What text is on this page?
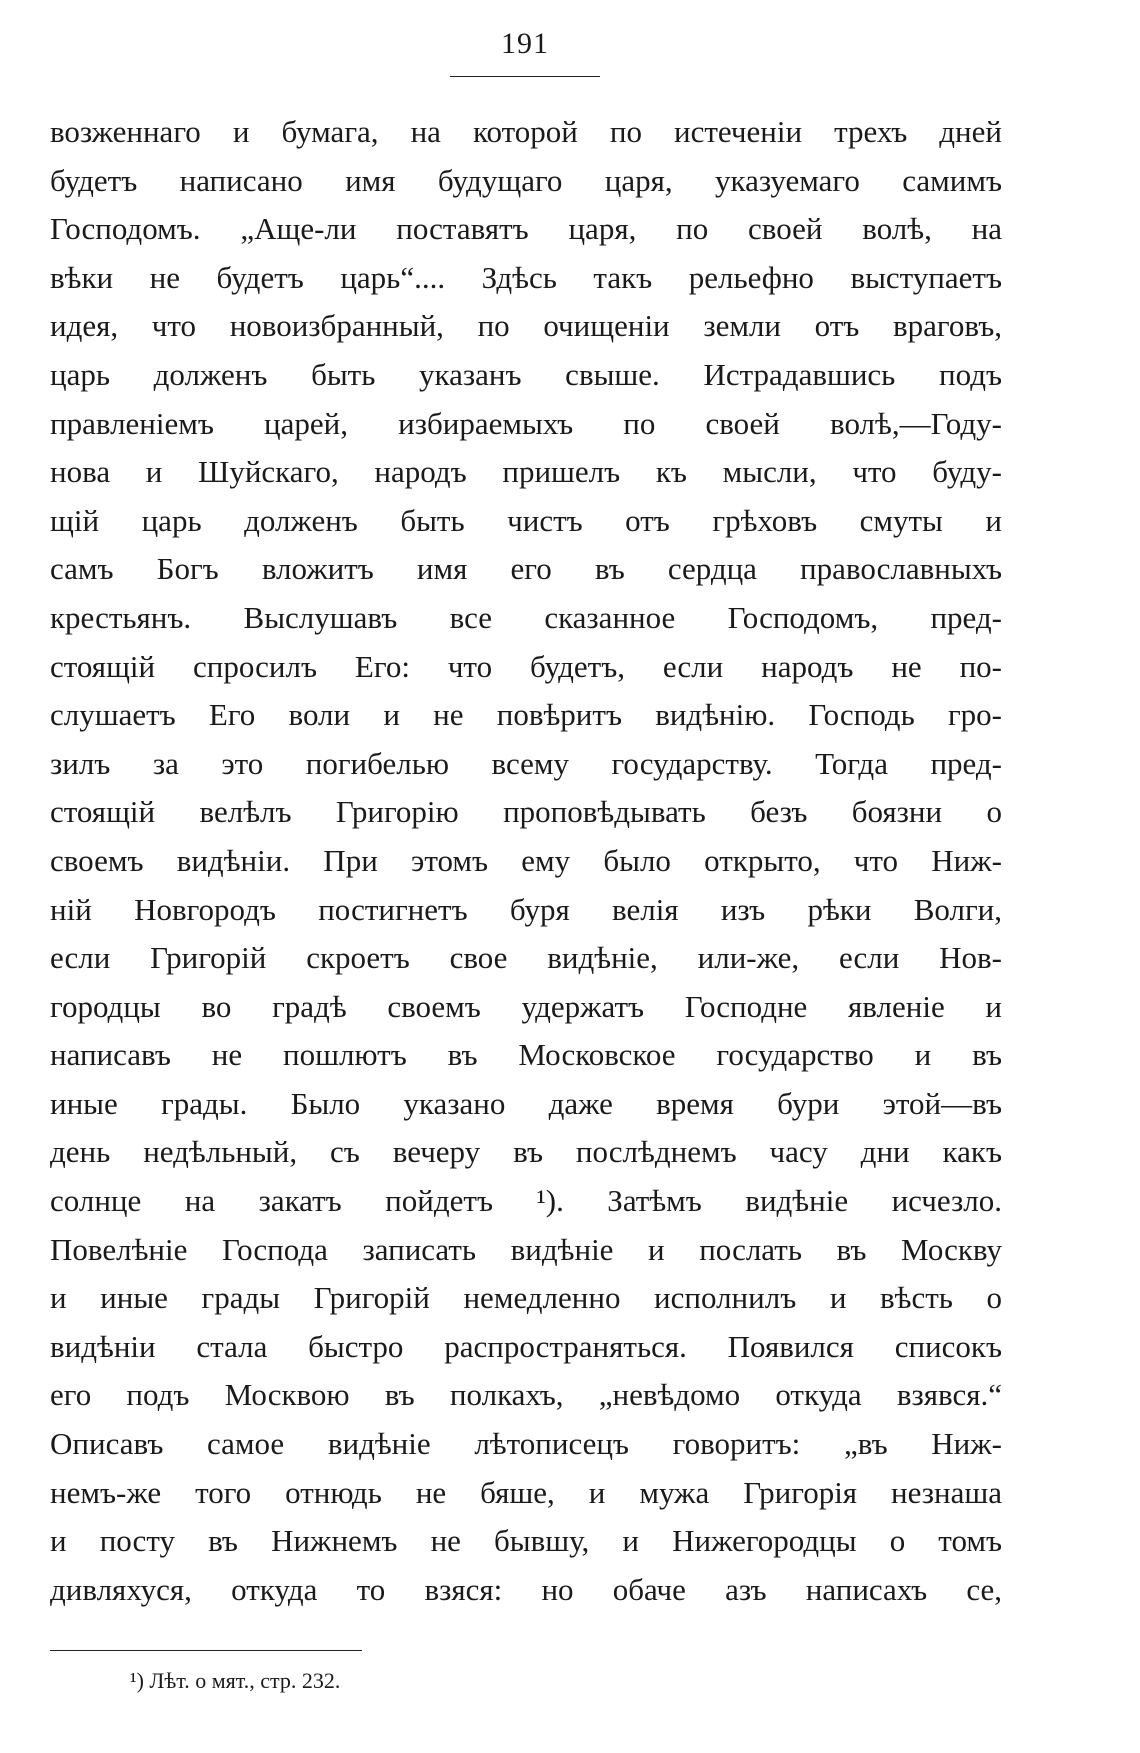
191
возженнаго и бумага, на которой по истеченіи трехъ дней
будетъ написано имя будущаго царя, указуемаго самимъ
Господомъ. „Аще-ли поставятъ царя, по своей волѣ, на
вѣки не будетъ царь“.... Здѣсь такъ рельефно выступаетъ
идея, что новоизбранный, по очищеніи земли отъ враговъ,
царь долженъ быть указанъ свыше. Истрадавшись подъ
правленіемъ царей, избираемыхъ по своей волѣ,—Году-
нова и Шуйскаго, народъ пришелъ къ мысли, что буду-
щій царь долженъ быть чистъ отъ грѣховъ смуты и
самъ Богъ вложитъ имя его въ сердца православныхъ
крестьянъ. Выслушавъ все сказанное Господомъ, пред-
стоящій спросилъ Его: что будетъ, если народъ не по-
слушаетъ Его воли и не повѣритъ видѣнію. Господь гро-
зилъ за это погибелью всему государству. Тогда пред-
стоящій велѣлъ Григорію проповѣдывать безъ боязни о
своемъ видѣніи. При этомъ ему было открыто, что Ниж-
ній Новгородъ постигнетъ буря велія изъ рѣки Волги,
если Григорій скроетъ свое видѣніе, или-же, если Нов-
городцы во градѣ своемъ удержатъ Господне явленіе и
написавъ не пошлютъ въ Московское государство и въ
иные грады. Было указано даже время бури этой—въ
день недѣльный, съ вечеру въ послѣднемъ часу дни какъ
солнце на закатъ пойдетъ ¹). Затѣмъ видѣніе исчезло.
Повелѣніе Господа записать видѣніе и послать въ Москву
и иные грады Григорій немедленно исполнилъ и вѣсть о
видѣніи стала быстро распространяться. Появился списокъ
его подъ Москвою въ полкахъ, „невѣдомо откуда взявся.“
Описавъ самое видѣніе лѣтописецъ говоритъ: „въ Ниж-
немъ-же того отнюдь не бяше, и мужа Григорія незнаша
и посту въ Нижнемъ не бывшу, и Нижегородцы о томъ
дивляхуся, откуда то взяся: но обаче азъ написахъ се,
¹) Лѣт. о мят., стр. 232.
